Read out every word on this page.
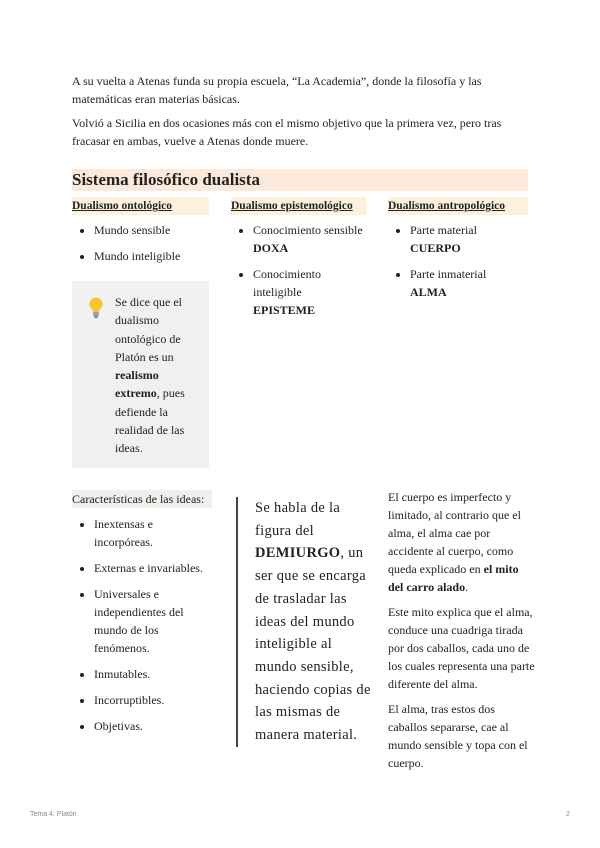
A su vuelta a Atenas funda su propia escuela, “La Academia”, donde la filosofía y las matemáticas eran materias básicas.

Volvió a Sicilia en dos ocasiones más con el mismo objetivo que la primera vez, pero tras fracasar en ambas, vuelve a Atenas donde muere.

Sistema filosófico dualista
Dualismo ontológico	Dualismo epistemológico	Dualismo antropológico
• Mundo sensible
• Mundo inteligible
• Conocimiento sensible
DOXA
• Conocimiento inteligible
EPISTEME
• Parte material
CUERPO
• Parte inmaterial
ALMA
Se dice que el dualismo ontológico de Platón es un realismo extremo, pues defiende la realidad de las ideas.
Características de las ideas:
• Inextensas e incorpóreas.
• Externas e invariables.
• Universales e independientes del mundo de los fenómenos.
• Inmutables.
• Incorruptibles.
• Objetivas.
Se habla de la figura del DEMIURGO, un ser que se encarga de trasladar las ideas del mundo inteligible al mundo sensible, haciendo copias de las mismas de manera material.

El cuerpo es imperfecto y limitado, al contrario que el alma, el alma cae por accidente al cuerpo, como queda explicado en el mito del carro alado.

Este mito explica que el alma, conduce una cuadriga tirada por dos caballos, cada uno de los cuales representa una parte diferente del alma.

El alma, tras estos dos caballos separarse, cae al mundo sensible y topa con el cuerpo.

Tema 4: Platón	2
